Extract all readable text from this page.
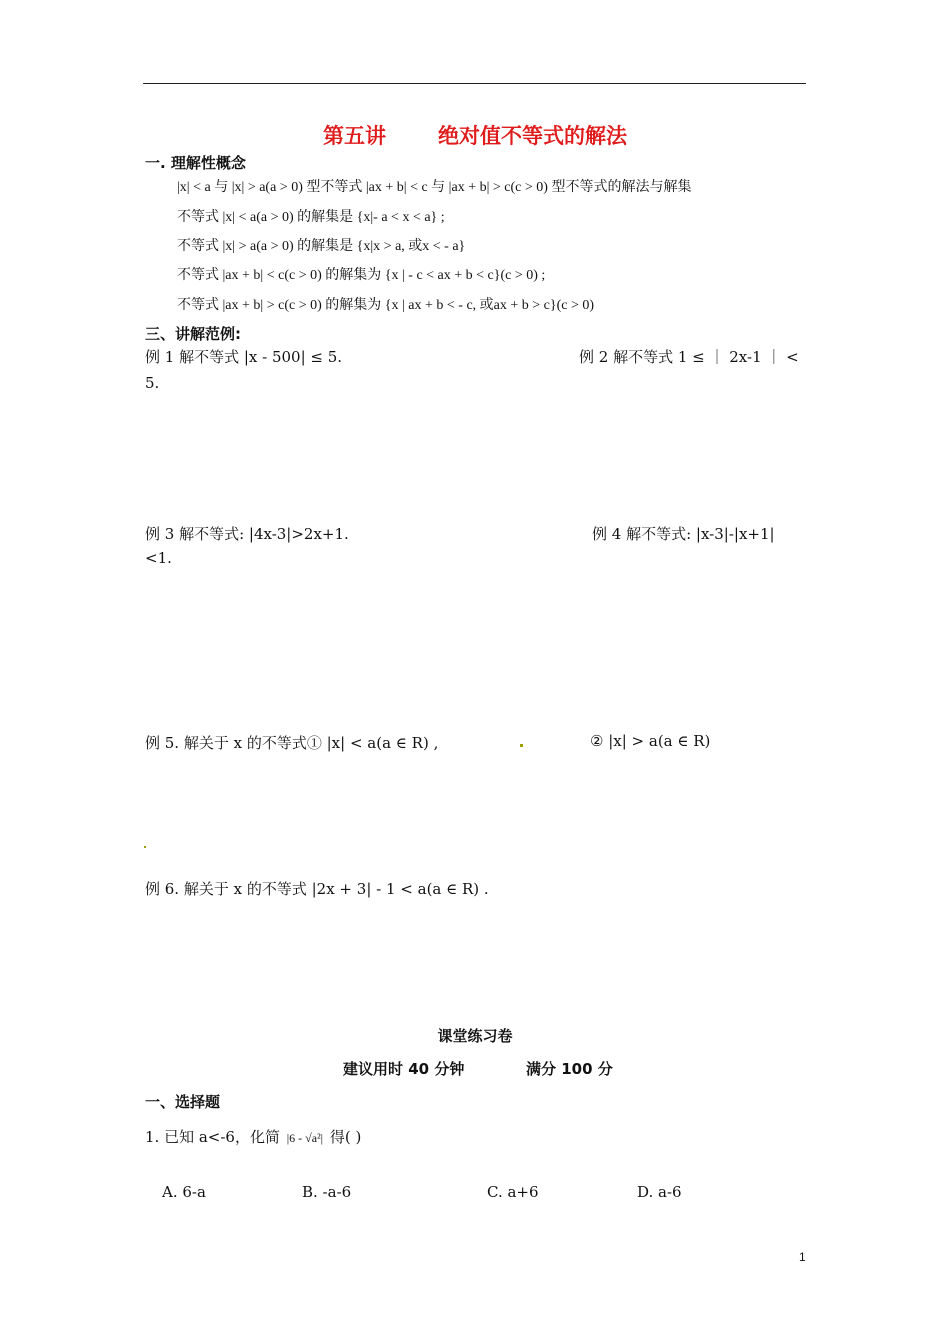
第五讲 绝对值不等式的解法
一. 理解性概念
|x| < a 与 |x| > a(a > 0) 型不等式 |ax + b| < c 与 |ax + b| > c(c > 0) 型不等式的解法与解集
不等式 |x| < a(a > 0) 的解集是 {x|- a < x < a} ;
不等式 |x| > a(a > 0) 的解集是 {x|x > a, 或x < - a}
不等式 |ax + b| < c(c > 0) 的解集为 {x | - c < ax + b < c}(c > 0) ;
不等式 |ax + b| > c(c > 0) 的解集为 {x | ax + b < - c, 或ax + b > c}(c > 0)
三、讲解范例:
例 1 解不等式 |x - 500| ≤ 5.	例 2 解不等式 1 ≤ ｜ 2x-1 ｜ <
5.
例 3 解不等式: |4x-3|>2x+1.	例 4 解不等式: |x-3|-|x+1|
<1.
例 5. 解关于 x 的不等式① |x| < a(a ∈ R) ,	② |x| > a(a ∈ R)
例 6. 解关于 x 的不等式 |2x + 3| - 1 < a(a ∈ R) .
课堂练习卷
建议用时 40 分钟	满分 100 分
一、选择题
1. 已知 a<-6，化简 |6 - √a²| 得( )
A. 6-a	B. -a-6	C. a+6	D. a-6
1
